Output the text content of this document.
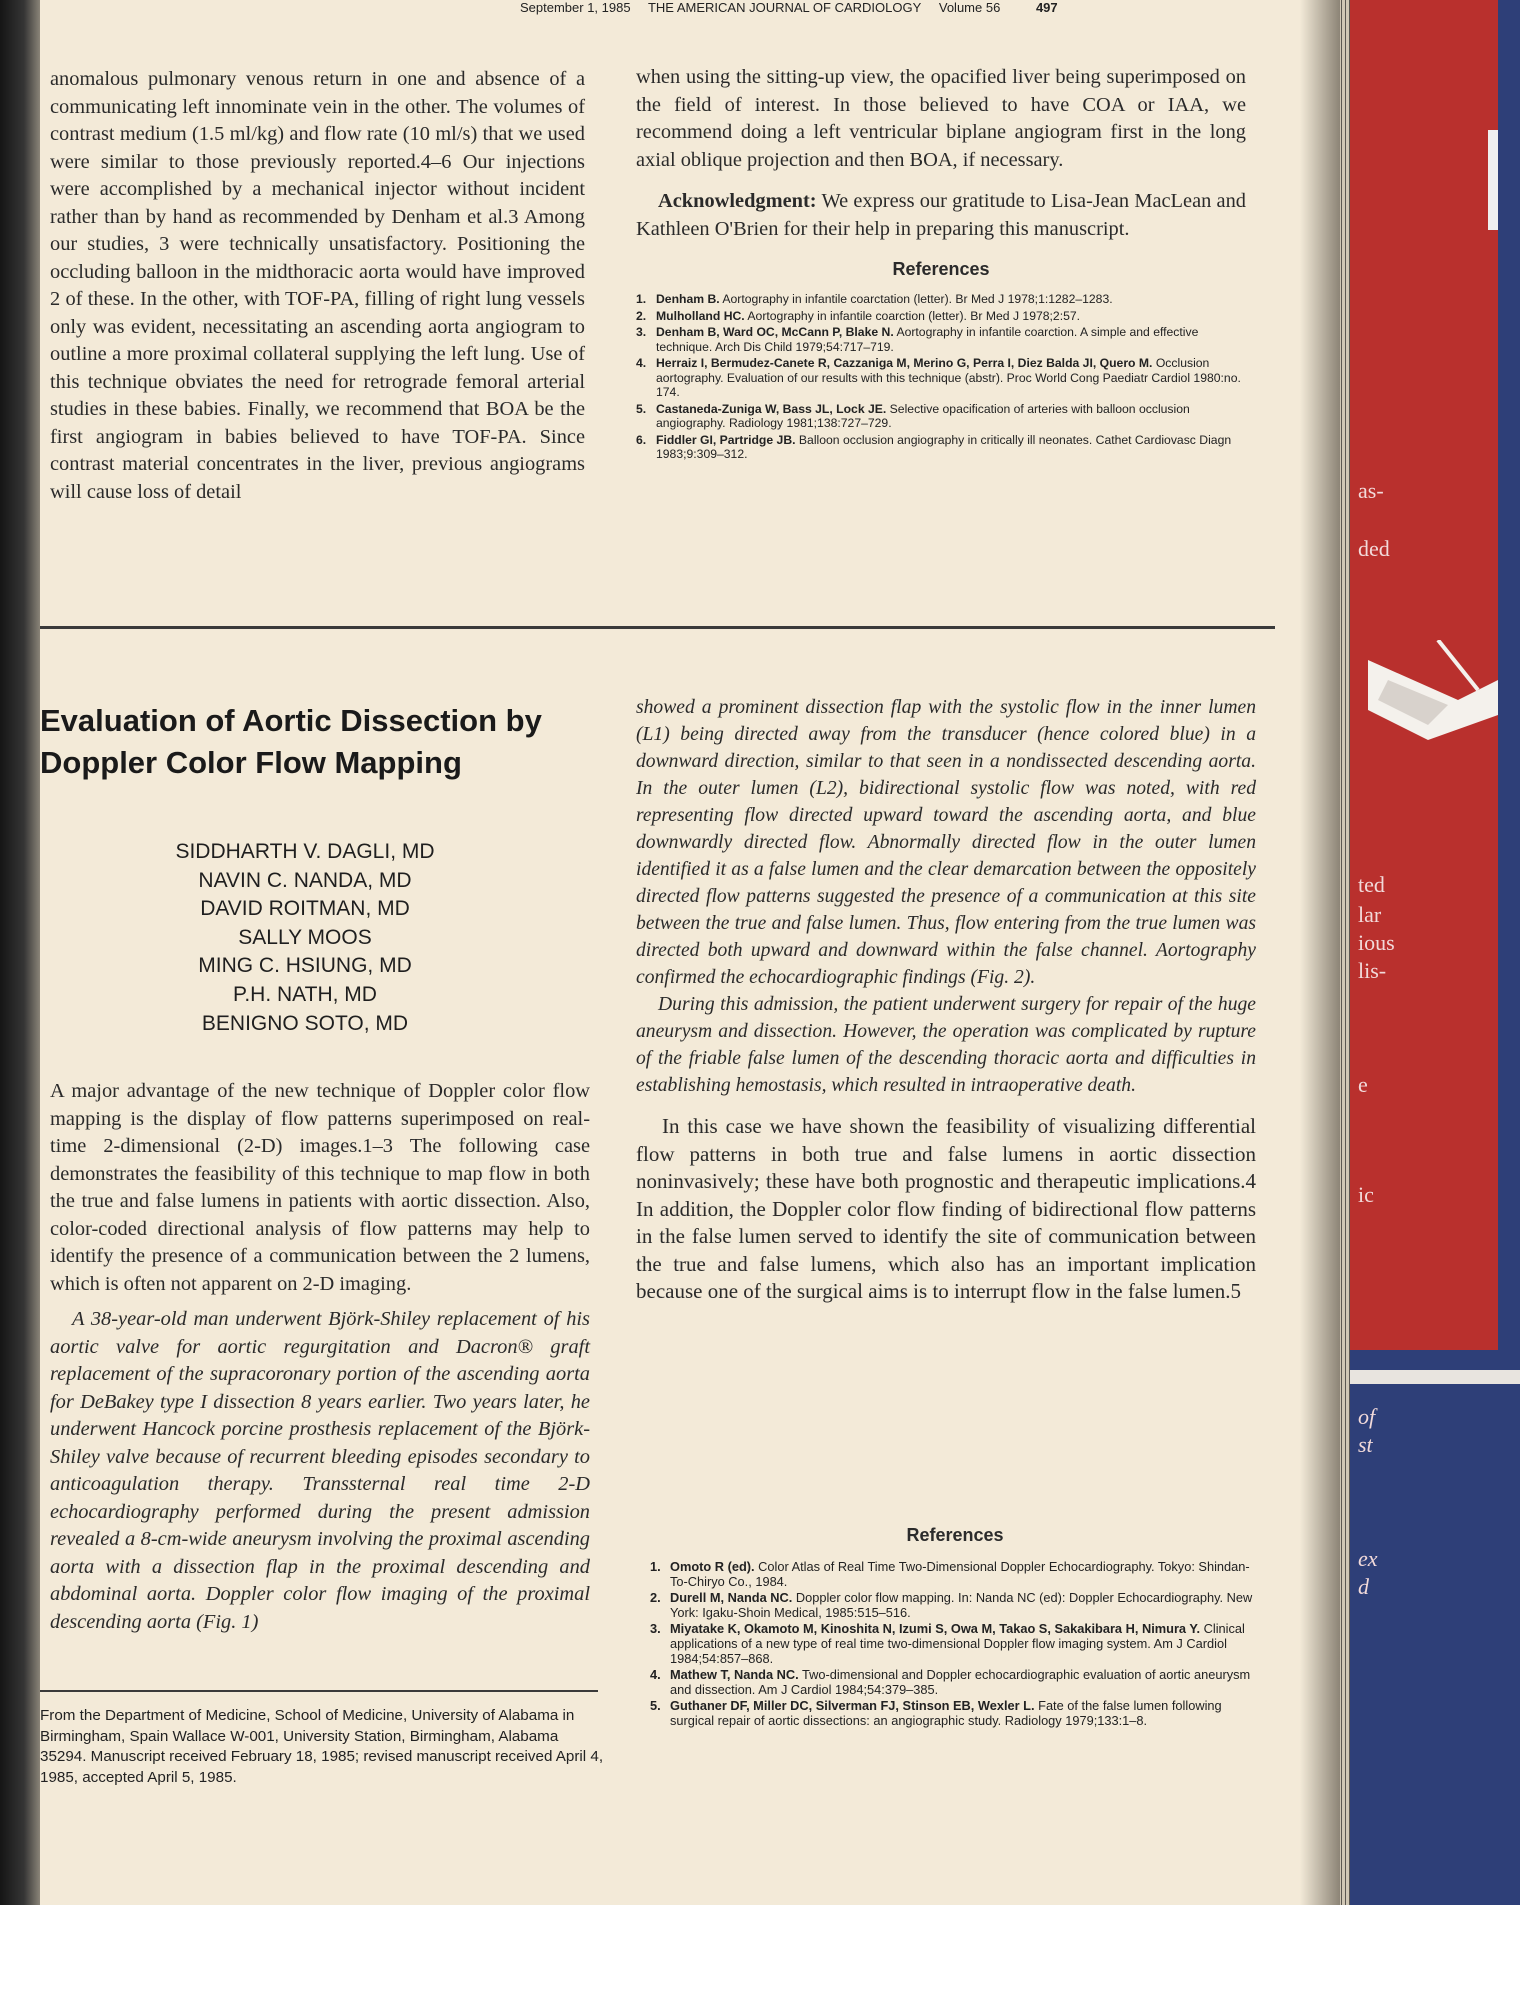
as-
ded
ted
lar
ious
lis-
e
ic
of
st
ex
d
September 1, 1985 THE AMERICAN JOURNAL OF CARDIOLOGY Volume 56	497

anomalous pulmonary venous return in one and absence of a communicating left innominate vein in the other. The volumes of contrast medium (1.5 ml/kg) and flow rate (10 ml/s) that we used were similar to those previously reported.4–6 Our injections were accomplished by a mechanical injector without incident rather than by hand as recommended by Denham et al.3 Among our studies, 3 were technically unsatisfactory. Positioning the occluding balloon in the midthoracic aorta would have improved 2 of these. In the other, with TOF-PA, filling of right lung vessels only was evident, necessitating an ascending aorta angiogram to outline a more proximal collateral supplying the left lung. Use of this technique obviates the need for retrograde femoral arterial studies in these babies. Finally, we recommend that BOA be the first angiogram in babies believed to have TOF-PA. Since contrast material concentrates in the liver, previous angiograms will cause loss of detail

when using the sitting-up view, the opacified liver being superimposed on the field of interest. In those believed to have COA or IAA, we recommend doing a left ventricular biplane angiogram first in the long axial oblique projection and then BOA, if necessary.

Acknowledgment: We express our gratitude to Lisa-Jean MacLean and Kathleen O'Brien for their help in preparing this manuscript.

References

1. Denham B. Aortography in infantile coarctation (letter). Br Med J 1978;1:1282–1283.
2. Mulholland HC. Aortography in infantile coarction (letter). Br Med J 1978;2:57.
3. Denham B, Ward OC, McCann P, Blake N. Aortography in infantile coarction. A simple and effective technique. Arch Dis Child 1979;54:717–719.
4. Herraiz I, Bermudez-Canete R, Cazzaniga M, Merino G, Perra I, Diez Balda JI, Quero M. Occlusion aortography. Evaluation of our results with this technique (abstr). Proc World Cong Paediatr Cardiol 1980:no. 174.
5. Castaneda-Zuniga W, Bass JL, Lock JE. Selective opacification of arteries with balloon occlusion angiography. Radiology 1981;138:727–729.
6. Fiddler GI, Partridge JB. Balloon occlusion angiography in critically ill neonates. Cathet Cardiovasc Diagn 1983;9:309–312.
Evaluation of Aortic Dissection by Doppler Color Flow Mapping
SIDDHARTH V. DAGLI, MD
NAVIN C. NANDA, MD
DAVID ROITMAN, MD
SALLY MOOS
MING C. HSIUNG, MD
P.H. NATH, MD
BENIGNO SOTO, MD

A major advantage of the new technique of Doppler color flow mapping is the display of flow patterns superimposed on real-time 2-dimensional (2-D) images.1–3 The following case demonstrates the feasibility of this technique to map flow in both the true and false lumens in patients with aortic dissection. Also, color-coded directional analysis of flow patterns may help to identify the presence of a communication between the 2 lumens, which is often not apparent on 2-D imaging.

A 38-year-old man underwent Björk-Shiley replacement of his aortic valve for aortic regurgitation and Dacron® graft replacement of the supracoronary portion of the ascending aorta for DeBakey type I dissection 8 years earlier. Two years later, he underwent Hancock porcine prosthesis replacement of the Björk-Shiley valve because of recurrent bleeding episodes secondary to anticoagulation therapy. Transsternal real time 2-D echocardiography performed during the present admission revealed a 8-cm-wide aneurysm involving the proximal ascending aorta with a dissection flap in the proximal descending and abdominal aorta. Doppler color flow imaging of the proximal descending aorta (Fig. 1)

showed a prominent dissection flap with the systolic flow in the inner lumen (L1) being directed away from the transducer (hence colored blue) in a downward direction, similar to that seen in a nondissected descending aorta. In the outer lumen (L2), bidirectional systolic flow was noted, with red representing flow directed upward toward the ascending aorta, and blue downwardly directed flow. Abnormally directed flow in the outer lumen identified it as a false lumen and the clear demarcation between the oppositely directed flow patterns suggested the presence of a communication at this site between the true and false lumen. Thus, flow entering from the true lumen was directed both upward and downward within the false channel. Aortography confirmed the echocardiographic findings (Fig. 2).

During this admission, the patient underwent surgery for repair of the huge aneurysm and dissection. However, the operation was complicated by rupture of the friable false lumen of the descending thoracic aorta and difficulties in establishing hemostasis, which resulted in intraoperative death.

In this case we have shown the feasibility of visualizing differential flow patterns in both true and false lumens in aortic dissection noninvasively; these have both prognostic and therapeutic implications.4 In addition, the Doppler color flow finding of bidirectional flow patterns in the false lumen served to identify the site of communication between the true and false lumens, which also has an important implication because one of the surgical aims is to interrupt flow in the false lumen.5

References

1. Omoto R (ed). Color Atlas of Real Time Two-Dimensional Doppler Echocardiography. Tokyo: Shindan-To-Chiryo Co., 1984.
2. Durell M, Nanda NC. Doppler color flow mapping. In: Nanda NC (ed): Doppler Echocardiography. New York: Igaku-Shoin Medical, 1985:515–516.
3. Miyatake K, Okamoto M, Kinoshita N, Izumi S, Owa M, Takao S, Sakakibara H, Nimura Y. Clinical applications of a new type of real time two-dimensional Doppler flow imaging system. Am J Cardiol 1984;54:857–868.
4. Mathew T, Nanda NC. Two-dimensional and Doppler echocardiographic evaluation of aortic aneurysm and dissection. Am J Cardiol 1984;54:379–385.
5. Guthaner DF, Miller DC, Silverman FJ, Stinson EB, Wexler L. Fate of the false lumen following surgical repair of aortic dissections: an angiographic study. Radiology 1979;133:1–8.

From the Department of Medicine, School of Medicine, University of Alabama in Birmingham, Spain Wallace W-001, University Station, Birmingham, Alabama 35294. Manuscript received February 18, 1985; revised manuscript received April 4, 1985, accepted April 5, 1985.
